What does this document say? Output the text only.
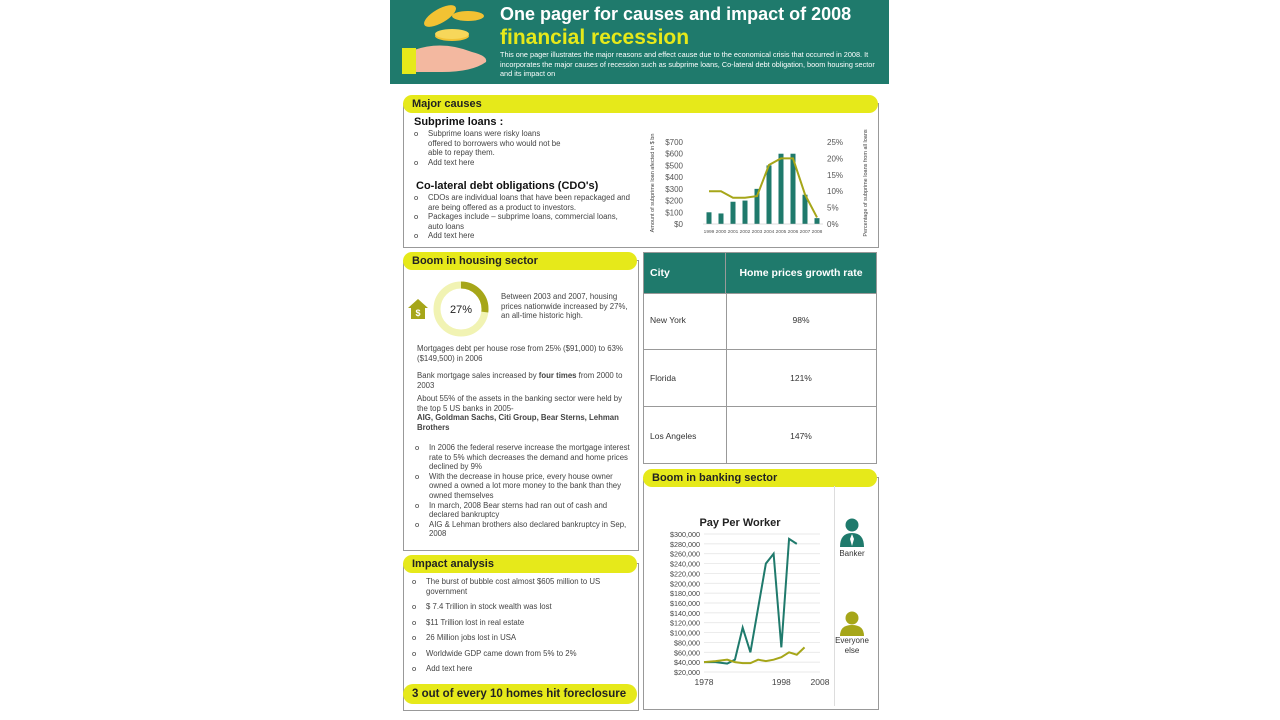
One pager for causes and impact of 2008
financial recession
This one pager illustrates the major reasons and effect cause due to the economical crisis that occurred in 2008. It incorporates the major causes of recession such as subprime loans, Co-lateral debt obligation, boom housing sector and its impact on
Major causes
Subprime loans :
o Subprime loans were risky loans offered to borrowers who would not be able to repay them.
o Add text here
Co-lateral debt obligations (CDO's)
o CDOs are individual loans that have been repackaged and are being offered as a product to investors.
o Packages include – subprime loans, commercial loans, auto loans
o Add text here
Amount of subprime loan afected in $ bn	Percentage of subprime loans from all loans
$700
$600
$500
$400
$300
$200
$100
$0
25%
20%
15%
10%
5%
0%
1999 2000 2001 2002 2003 2004 2005 2006 2007 2008
Boom in housing sector
$	27%
Between 2003 and 2007, housing prices nationwide increased by 27%, an all-time historic high.
Mortgages debt per house rose from 25% ($91,000) to 63% ($149,500) in 2006
Bank mortgage sales increased by four times from 2000 to 2003
About 55% of the assets in the banking sector were held by the top 5 US banks in 2005-
AIG, Goldman Sachs, Citi Group, Bear Sterns, Lehman Brothers
o In 2006 the federal reserve increase the mortgage interest rate to 5% which decreases the demand and home prices declined by 9%
o With the decrease in house price, every house owner owned a owned a lot more money to the bank than they owned themselves
o In march, 2008 Bear sterns had ran out of cash and declared bankruptcy
o AIG & Lehman brothers also declared bankruptcy in Sep, 2008
Impact analysis
o The burst of bubble cost almost $605 million to US government
o $ 7.4 Trillion in stock wealth was lost
o $11 Trillion lost in real estate
o 26 Million jobs lost in USA
o Worldwide GDP came down from 5% to 2%
o Add text here
3 out of every 10 homes hit foreclosure
City	Home prices growth rate
New York	98%
Florida	121%
Los Angeles	147%
Boom in banking sector
Pay Per Worker
$300,000
$280,000
$260,000
$240,000
$220,000
$200,000
$180,000
$160,000
$140,000
$120,000
$100,000
$80,000
$60,000
$40,000
$20,000
1978	1998 2008
Banker
Everyone else
